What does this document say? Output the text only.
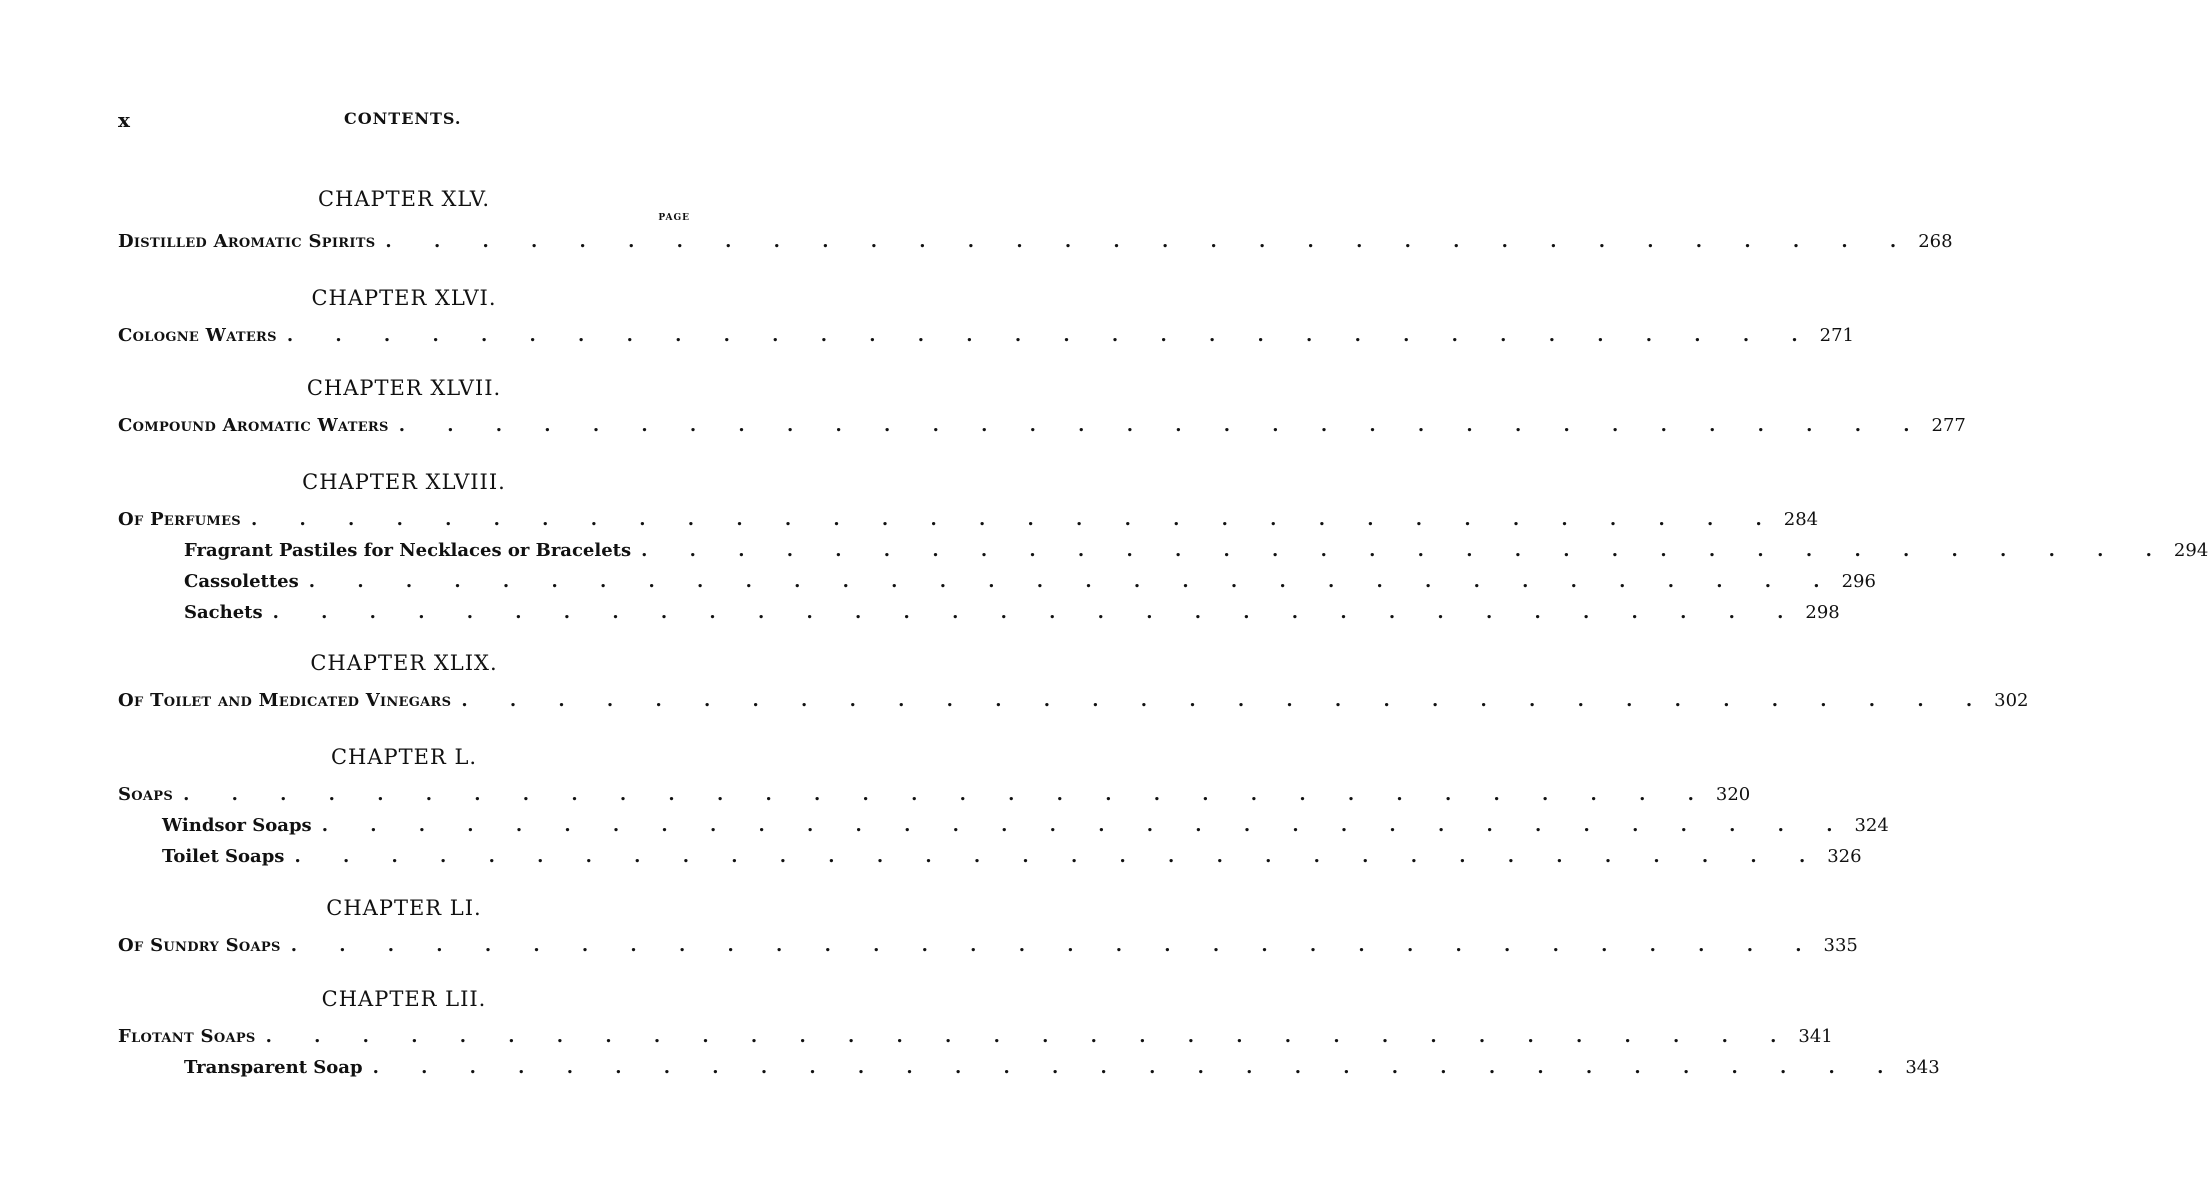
x	CONTENTS.
CHAPTER XLV.
PAGE
Distilled Aromatic Spirits . . . . . . . . . . . . . . . . . . . . . . . . . . . . . . . . 268
CHAPTER XLVI.
Cologne Waters . . . . . . . . . . . . . . . . . . . . . . . . . . . . . . . . 271
CHAPTER XLVII.
Compound Aromatic Waters . . . . . . . . . . . . . . . . . . . . . . . . . . . . . . . . 277
CHAPTER XLVIII.
Of Perfumes . . . . . . . . . . . . . . . . . . . . . . . . . . . . . . . . 284
Fragrant Pastiles for Necklaces or Bracelets . . . . . . . . . . . . . . . . . . . . . . . . . . . . . . . . 294
Cassolettes . . . . . . . . . . . . . . . . . . . . . . . . . . . . . . . . 296
Sachets . . . . . . . . . . . . . . . . . . . . . . . . . . . . . . . . 298
CHAPTER XLIX.
Of Toilet and Medicated Vinegars . . . . . . . . . . . . . . . . . . . . . . . . . . . . . . . . 302
CHAPTER L.
Soaps . . . . . . . . . . . . . . . . . . . . . . . . . . . . . . . . 320
Windsor Soaps . . . . . . . . . . . . . . . . . . . . . . . . . . . . . . . . 324
Toilet Soaps . . . . . . . . . . . . . . . . . . . . . . . . . . . . . . . . 326
CHAPTER LI.
Of Sundry Soaps . . . . . . . . . . . . . . . . . . . . . . . . . . . . . . . . 335
CHAPTER LII.
Flotant Soaps . . . . . . . . . . . . . . . . . . . . . . . . . . . . . . . . 341
Transparent Soap . . . . . . . . . . . . . . . . . . . . . . . . . . . . . . . . 343
